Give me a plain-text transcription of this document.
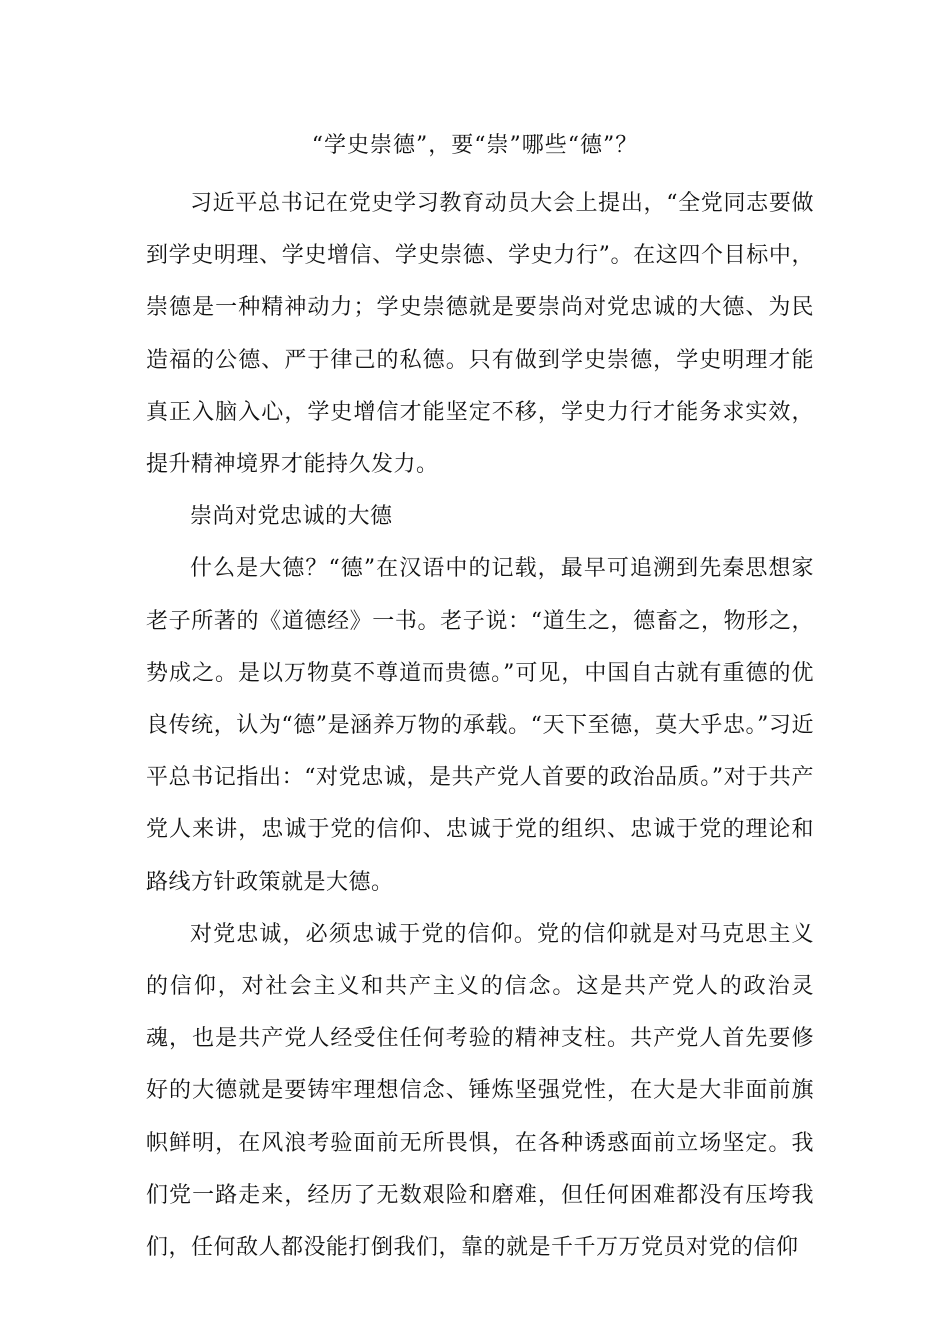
“学史崇德”，要“崇”哪些“德”？

习近平总书记在党史学习教育动员大会上提出，“全党同志要做到学史明理、学史增信、学史崇德、学史力行”。在这四个目标中，崇德是一种精神动力；学史崇德就是要崇尚对党忠诚的大德、为民造福的公德、严于律己的私德。只有做到学史崇德，学史明理才能真正入脑入心，学史增信才能坚定不移，学史力行才能务求实效，提升精神境界才能持久发力。

崇尚对党忠诚的大德

什么是大德？“德”在汉语中的记载，最早可追溯到先秦思想家老子所著的《道德经》一书。老子说：“道生之，德畜之，物形之，势成之。是以万物莫不尊道而贵德。”可见，中国自古就有重德的优良传统，认为“德”是涵养万物的承载。“天下至德，莫大乎忠。”习近平总书记指出：“对党忠诚，是共产党人首要的政治品质。”对于共产党人来讲，忠诚于党的信仰、忠诚于党的组织、忠诚于党的理论和路线方针政策就是大德。

对党忠诚，必须忠诚于党的信仰。党的信仰就是对马克思主义的信仰，对社会主义和共产主义的信念。这是共产党人的政治灵魂，也是共产党人经受住任何考验的精神支柱。共产党人首先要修好的大德就是要铸牢理想信念、锤炼坚强党性，在大是大非面前旗帜鲜明，在风浪考验面前无所畏惧，在各种诱惑面前立场坚定。我们党一路走来，经历了无数艰险和磨难，但任何困难都没有压垮我们，任何敌人都没能打倒我们，靠的就是千千万万党员对党的信仰
